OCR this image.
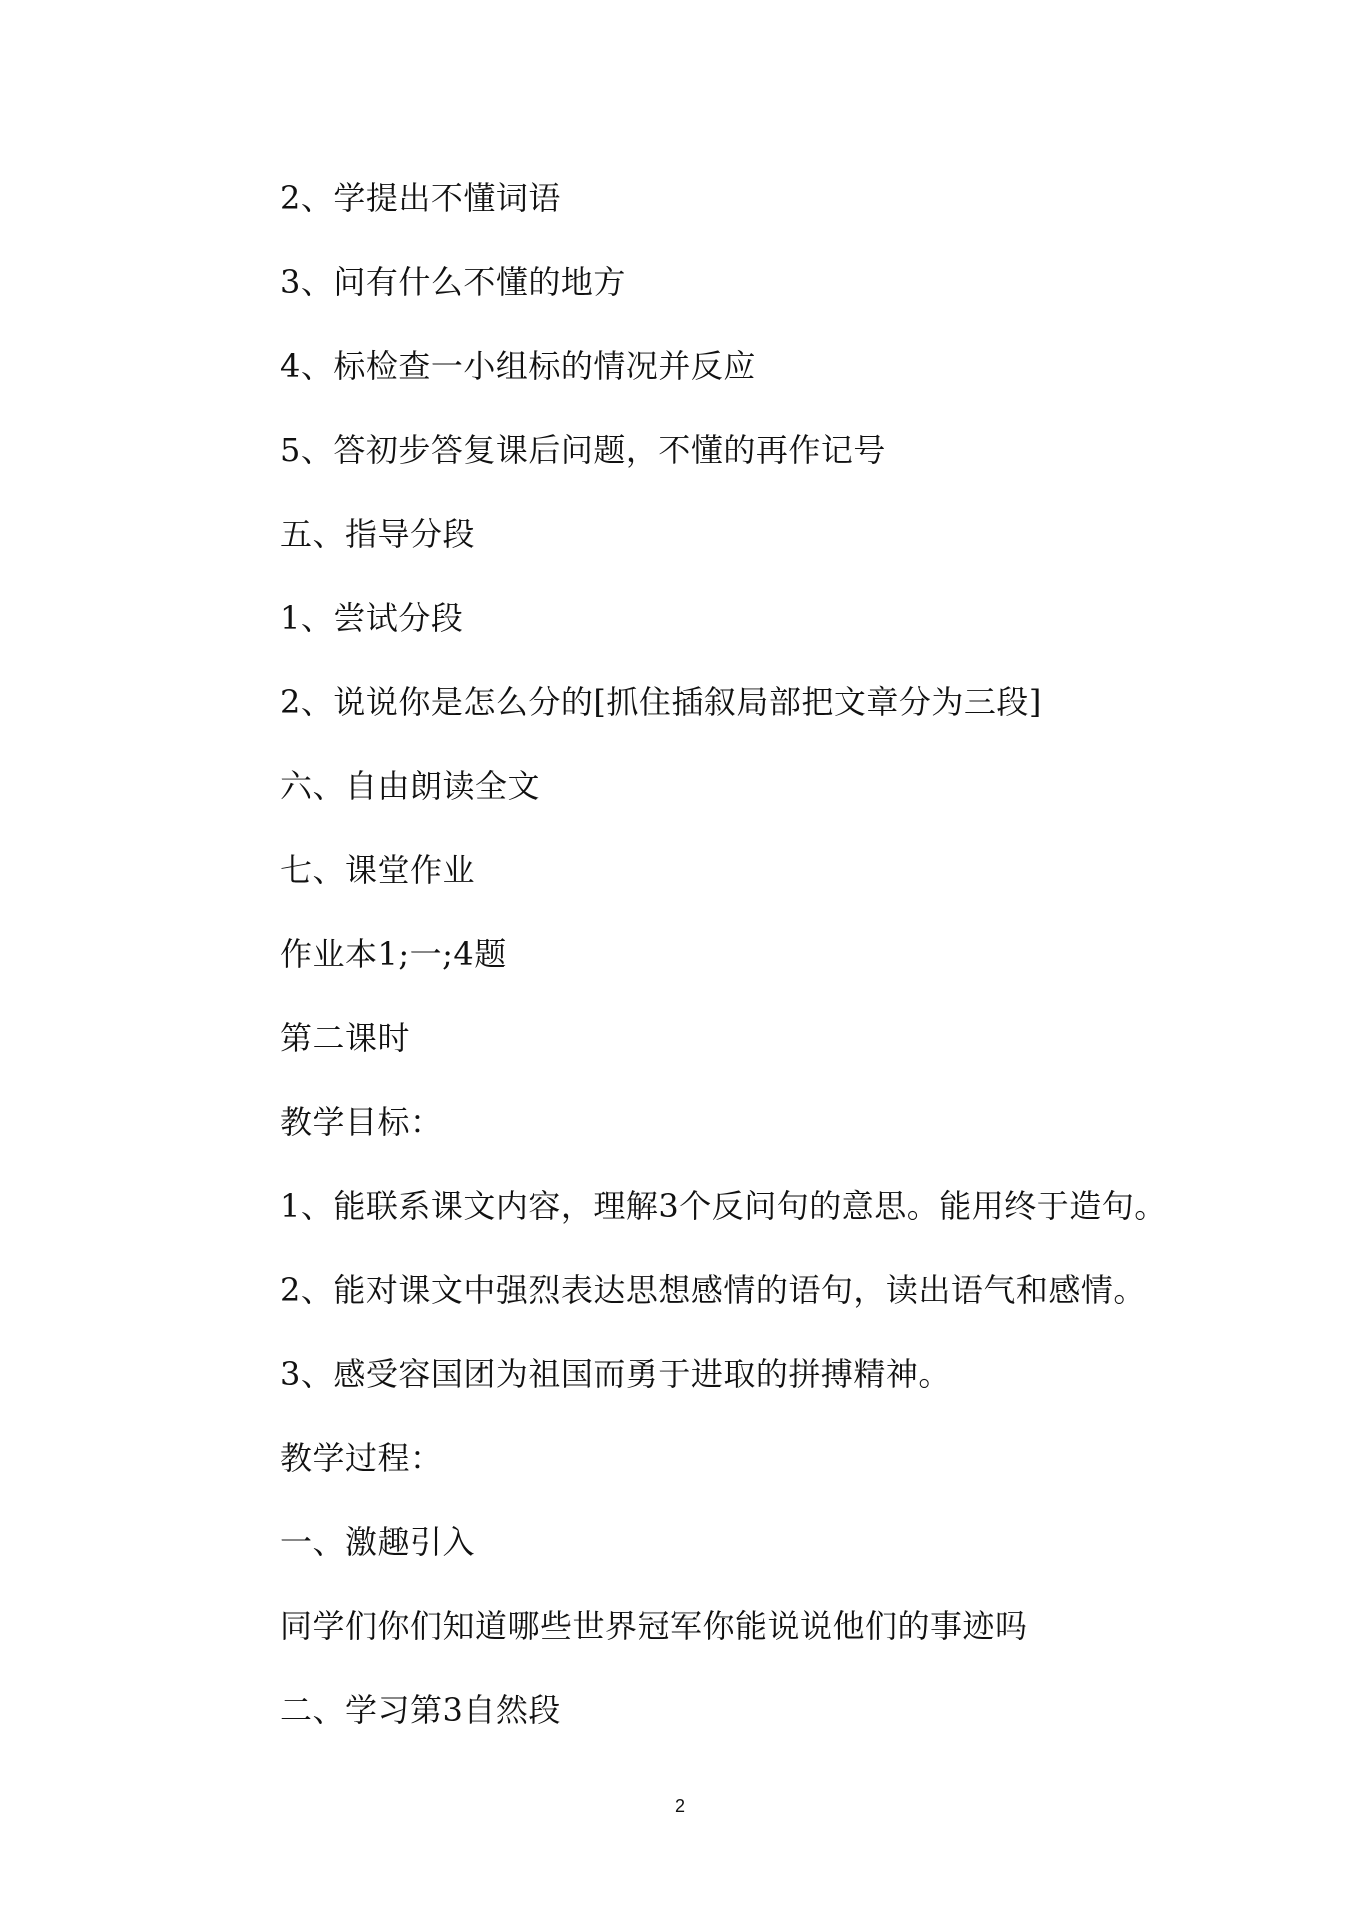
2、学提出不懂词语
3、问有什么不懂的地方
4、标检查一小组标的情况并反应
5、答初步答复课后问题，不懂的再作记号
五、指导分段
1、尝试分段
2、说说你是怎么分的[抓住插叙局部把文章分为三段]
六、自由朗读全文
七、课堂作业
作业本1;一;4题
第二课时
教学目标：
1、能联系课文内容，理解3个反问句的意思。能用终于造句。
2、能对课文中强烈表达思想感情的语句，读出语气和感情。
3、感受容国团为祖国而勇于进取的拼搏精神。
教学过程：
一、激趣引入
同学们你们知道哪些世界冠军你能说说他们的事迹吗
二、学习第3自然段
2
